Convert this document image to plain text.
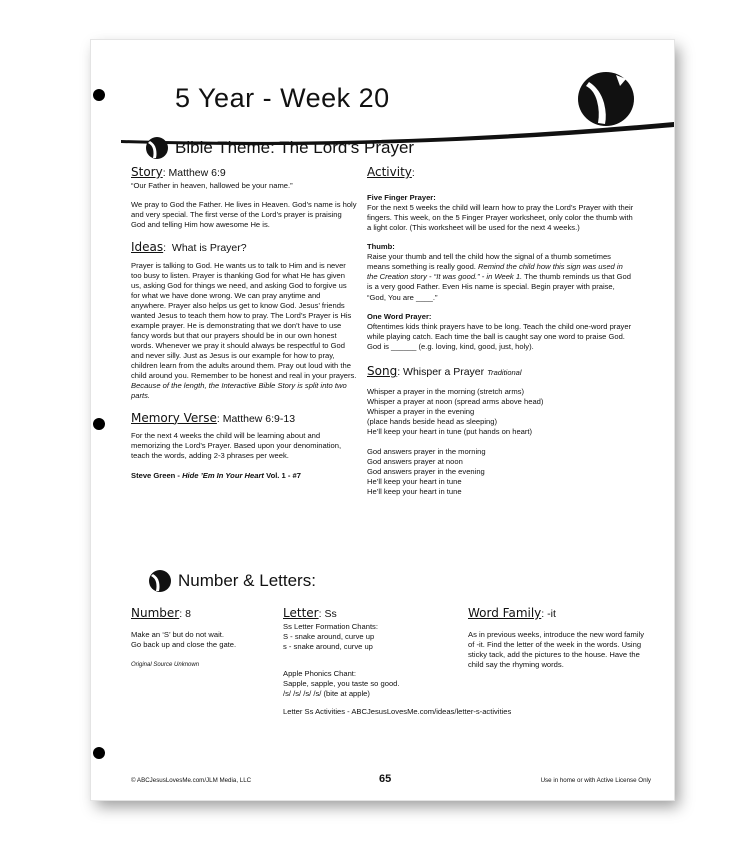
5 Year - Week 20
Bible Theme: The Lord’s Prayer
Story: Matthew 6:9

“Our Father in heaven, hallowed be your name.”

We pray to God the Father. He lives in Heaven. God’s name is holy and very special. The first verse of the Lord’s prayer is praising God and telling Him how awesome He is.

Ideas:  What is Prayer?

Prayer is talking to God. He wants us to talk to Him and is never too busy to listen. Prayer is thanking God for what He has given us, asking God for things we need, and asking God to forgive us for what we have done wrong. We can pray anytime and anywhere. Prayer also helps us get to know God. Jesus’ friends wanted Jesus to teach them how to pray. The Lord’s Prayer is His example prayer. He is demonstrating that we don’t have to use fancy words but that our prayers should be in our own honest words. Whenever we pray it should always be respectful to God and never silly. Just as Jesus is our example for how to pray, children learn from the adults around them. Pray out loud with the child around you. Remember to be honest and real in your prayers. Because of the length, the Interactive Bible Story is split into two parts.

Memory Verse: Matthew 6:9-13

For the next 4 weeks the child will be learning about and memorizing the Lord’s Prayer. Based upon your denomination, teach the words, adding 2-3 phrases per week.

Steve Green - Hide ’Em In Your Heart Vol. 1 - #7

Activity:

Five Finger Prayer:

For the next 5 weeks the child will learn how to pray the Lord’s Prayer with their fingers. This week, on the 5 Finger Prayer worksheet, only color the thumb with a light color. (This worksheet will be used for the next 4 weeks.)

Thumb:

Raise your thumb and tell the child how the signal of a thumb sometimes means something is really good. Remind the child how this sign was used in the Creation story - “It was good.” - in Week 1. The thumb reminds us that God is a very good Father. Even His name is special. Begin prayer with praise, “God, You are ____.”

One Word Prayer:

Oftentimes kids think prayers have to be long. Teach the child one-word prayer while playing catch. Each time the ball is caught say one word to praise God. God is ______ (e.g. loving, kind, good, just, holy).

Song: Whisper a Prayer Traditional

Whisper a prayer in the morning (stretch arms)

Whisper a prayer at noon (spread arms above head)

Whisper a prayer in the evening

(place hands beside head as sleeping)

He’ll keep your heart in tune (put hands on heart)

God answers prayer in the morning

God answers prayer at noon

God answers prayer in the evening

He’ll keep your heart in tune

He’ll keep your heart in tune

Number & Letters:
Number: 8

Make an ‘S’ but do not wait.

Go back up and close the gate.

Original Source Unknown

Letter: Ss

Ss Letter Formation Chants:

S - snake around, curve up

s - snake around, curve up

Apple Phonics Chant:

Sapple, sapple, you taste so good.

/s/ /s/ /s/ /s/ (bite at apple)

Letter Ss Activities - ABCJesusLovesMe.com/ideas/letter-s-activities

Word Family: -it

As in previous weeks, introduce the new word family of -it. Find the letter of the week in the words. Using sticky tack, add the pictures to the house. Have the child say the rhyming words.

© ABCJesusLovesMe.com/JLM Media, LLC	65	Use in home or with Active License Only
